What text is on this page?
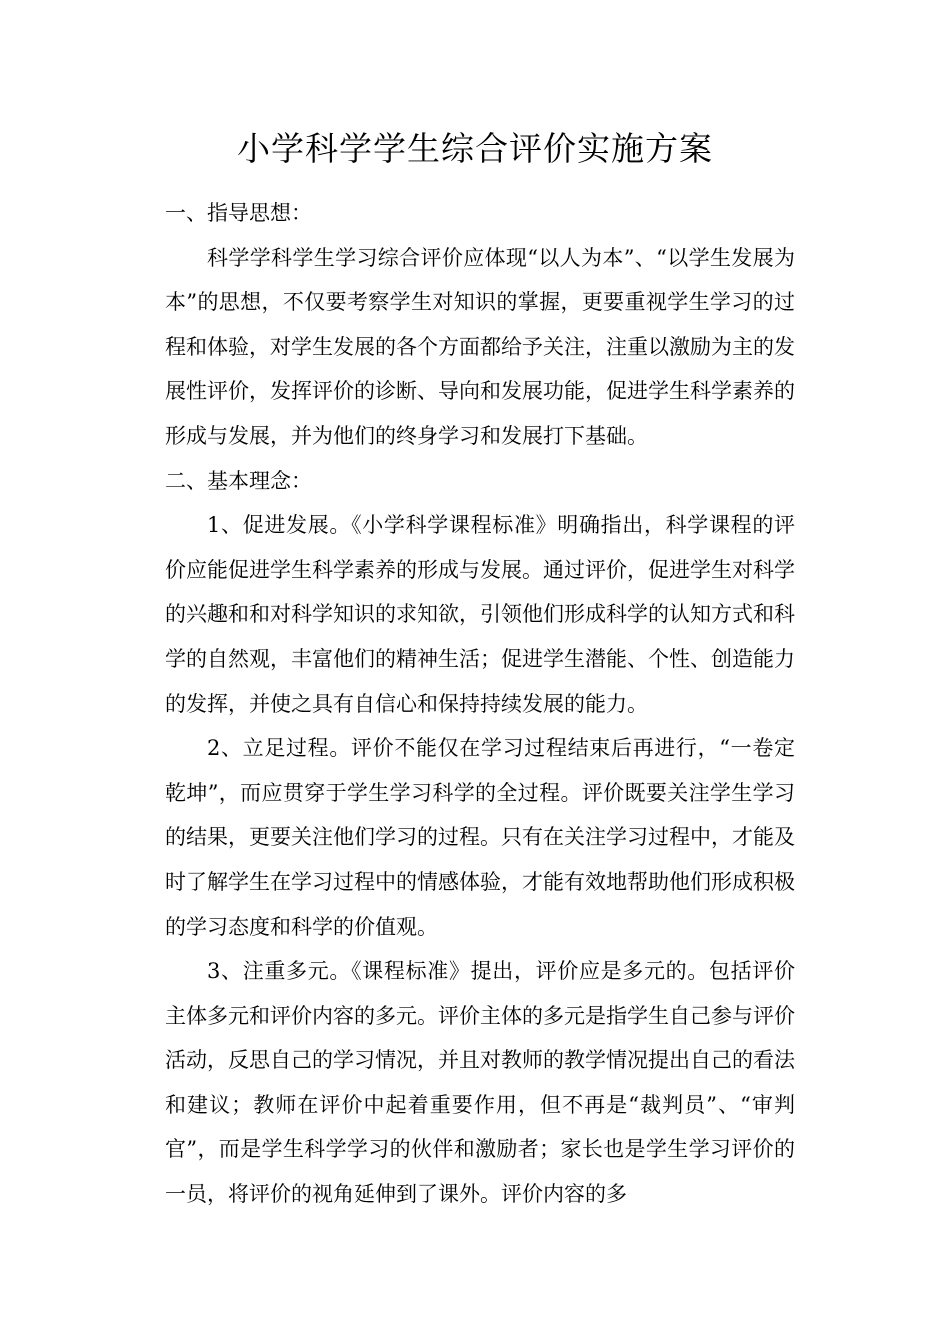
小学科学学生综合评价实施方案

一、指导思想：

科学学科学生学习综合评价应体现“以人为本”、“以学生发展为本”的思想，不仅要考察学生对知识的掌握，更要重视学生学习的过程和体验，对学生发展的各个方面都给予关注，注重以激励为主的发展性评价，发挥评价的诊断、导向和发展功能，促进学生科学素养的形成与发展，并为他们的终身学习和发展打下基础。

二、基本理念：

1、促进发展。《小学科学课程标准》明确指出，科学课程的评价应能促进学生科学素养的形成与发展。通过评价，促进学生对科学的兴趣和和对科学知识的求知欲，引领他们形成科学的认知方式和科学的自然观，丰富他们的精神生活；促进学生潜能、个性、创造能力的发挥，并使之具有自信心和保持持续发展的能力。

2、立足过程。评价不能仅在学习过程结束后再进行，“一卷定乾坤”，而应贯穿于学生学习科学的全过程。评价既要关注学生学习的结果，更要关注他们学习的过程。只有在关注学习过程中，才能及时了解学生在学习过程中的情感体验，才能有效地帮助他们形成积极的学习态度和科学的价值观。

3、注重多元。《课程标准》提出，评价应是多元的。包括评价主体多元和评价内容的多元。评价主体的多元是指学生自己参与评价活动，反思自己的学习情况，并且对教师的教学情况提出自己的看法和建议；教师在评价中起着重要作用，但不再是“裁判员”、“审判官”，而是学生科学学习的伙伴和激励者；家长也是学生学习评价的一员，将评价的视角延伸到了课外。评价内容的多
